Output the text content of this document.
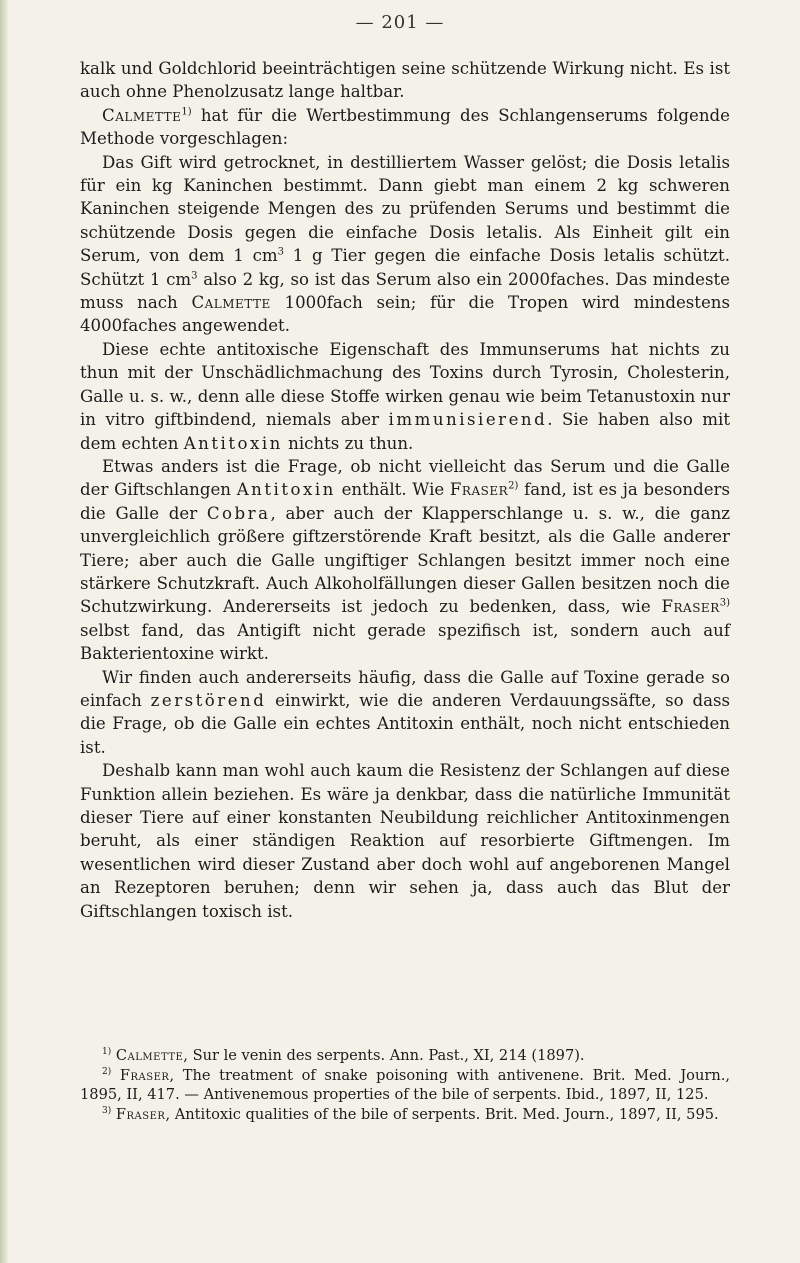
— 201 —

kalk und Goldchlorid beeinträchtigen seine schützende Wirkung nicht. Es ist auch ohne Phenolzusatz lange haltbar.

Calmette$^{1)}$ hat für die Wertbestimmung des Schlangenserums folgende Methode vorgeschlagen:

Das Gift wird getrocknet, in destilliertem Wasser gelöst; die Dosis letalis für ein kg Kaninchen bestimmt. Dann giebt man einem 2 kg schweren Kaninchen steigende Mengen des zu prüfenden Serums und bestimmt die schützende Dosis gegen die einfache Dosis letalis. Als Einheit gilt ein Serum, von dem 1 $cm^3$ 1 g Tier gegen die einfache Dosis letalis schützt. Schützt 1 $cm^3$ also 2 kg, so ist das Serum also ein 2000faches. Das mindeste muss nach Calmette 1000fach sein; für die Tropen wird mindestens 4000faches angewendet.

Diese echte antitoxische Eigenschaft des Immunserums hat nichts zu thun mit der Unschädlichmachung des Toxins durch Tyrosin, Cholesterin, Galle u. s. w., denn alle diese Stoffe wirken genau wie beim Tetanustoxin nur in vitro giftbindend, niemals aber immunisierend. Sie haben also mit dem echten Antitoxin nichts zu thun.

Etwas anders ist die Frage, ob nicht vielleicht das Serum und die Galle der Giftschlangen Antitoxin enthält. Wie Fraser$^{2)}$ fand, ist es ja besonders die Galle der Cobra, aber auch der Klapperschlange u. s. w., die ganz unvergleichlich größere giftzerstörende Kraft besitzt, als die Galle anderer Tiere; aber auch die Galle ungiftiger Schlangen besitzt immer noch eine stärkere Schutzkraft. Auch Alkoholfällungen dieser Gallen besitzen noch die Schutzwirkung. Andererseits ist jedoch zu bedenken, dass, wie Fraser$^{3)}$ selbst fand, das Antigift nicht gerade spezifisch ist, sondern auch auf Bakterientoxine wirkt.

Wir finden auch andererseits häufig, dass die Galle auf Toxine gerade so einfach zerstörend einwirkt, wie die anderen Verdauungssäfte, so dass die Frage, ob die Galle ein echtes Antitoxin enthält, noch nicht entschieden ist.

Deshalb kann man wohl auch kaum die Resistenz der Schlangen auf diese Funktion allein beziehen. Es wäre ja denkbar, dass die natürliche Immunität dieser Tiere auf einer konstanten Neubildung reichlicher Antitoxinmengen beruht, als einer ständigen Reaktion auf resorbierte Giftmengen. Im wesentlichen wird dieser Zustand aber doch wohl auf angeborenen Mangel an Rezeptoren beruhen; denn wir sehen ja, dass auch das Blut der Giftschlangen toxisch ist.

$^{1)}$ Calmette, Sur le venin des serpents. Ann. Past., XI, 214 (1897).

$^{2)}$ Fraser, The treatment of snake poisoning with antivenene. Brit. Med. Journ., 1895, II, 417. — Antivenemous properties of the bile of serpents. Ibid., 1897, II, 125.

$^{3)}$ Fraser, Antitoxic qualities of the bile of serpents. Brit. Med. Journ., 1897, II, 595.
